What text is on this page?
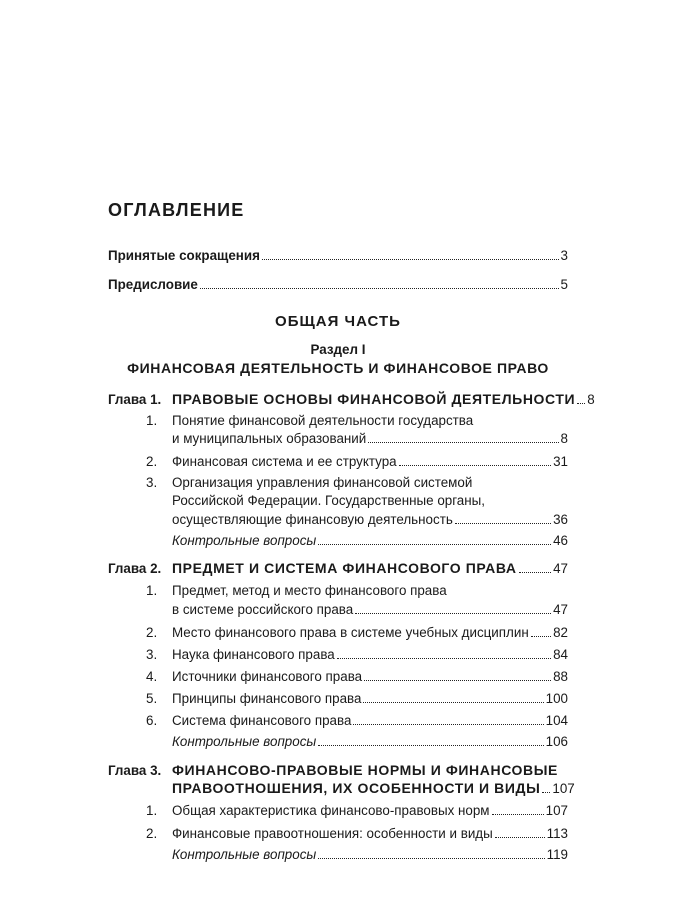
ОГЛАВЛЕНИЕ
Принятые сокращения	3
Предисловие	5
ОБЩАЯ ЧАСТЬ
Раздел I
ФИНАНСОВАЯ ДЕЯТЕЛЬНОСТЬ И ФИНАНСОВОЕ ПРАВО
Глава 1. ПРАВОВЫЕ ОСНОВЫ ФИНАНСОВОЙ ДЕЯТЕЛЬНОСТИ 8
1. Понятие финансовой деятельности государства
и муниципальных образований	8
2. Финансовая система и ее структура	31
3. Организация управления финансовой системой
Российской Федерации. Государственные органы,
осуществляющие финансовую деятельность	36
Контрольные вопросы	46
Глава 2. ПРЕДМЕТ И СИСТЕМА ФИНАНСОВОГО ПРАВА	47
1. Предмет, метод и место финансового права
в системе российского права	47
2. Место финансового права в системе учебных дисциплин 82
3. Наука финансового права	84
4. Источники финансового права	88
5. Принципы финансового права	100
6. Система финансового права	104
Контрольные вопросы	106
Глава 3. ФИНАНСОВО-ПРАВОВЫЕ НОРМЫ И ФИНАНСОВЫЕ
ПРАВООТНОШЕНИЯ, ИХ ОСОБЕННОСТИ И ВИДЫ 107
1. Общая характеристика финансово-правовых норм	107
2. Финансовые правоотношения: особенности и виды	113
Контрольные вопросы	119
